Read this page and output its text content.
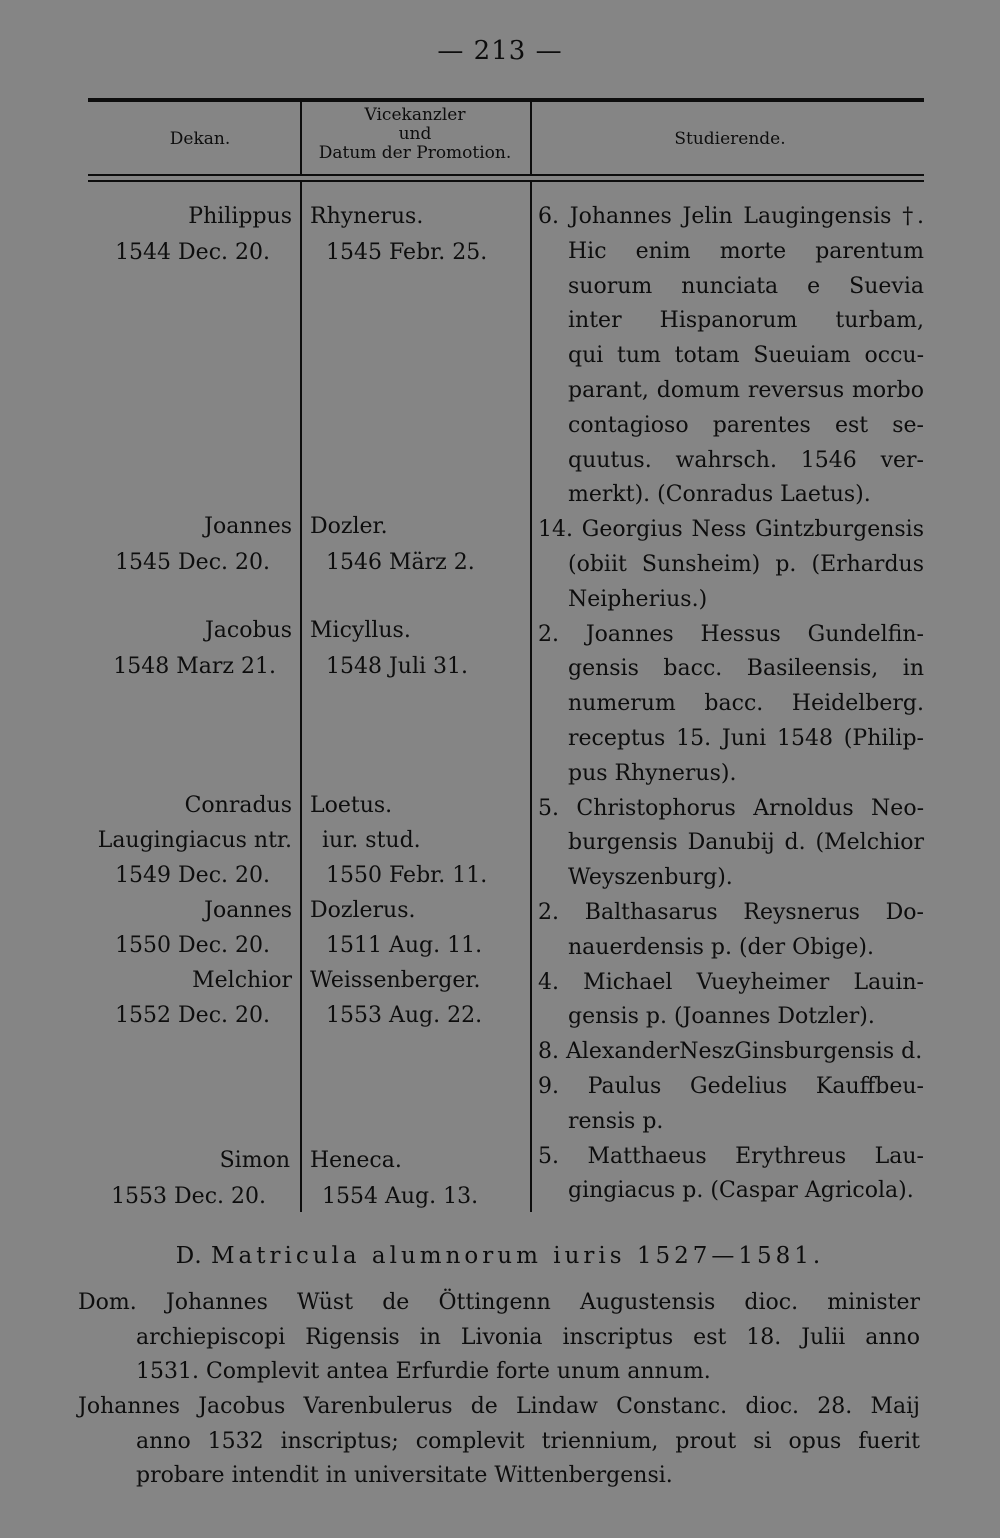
— 213 —
Dekan.
Vicekanzler
und
Datum der Promotion.
Studierende.
Philippus
1544 Dec. 20.
Joannes
1545 Dec. 20.
Jacobus
1548 Marz 21.
Conradus
Laugingiacus ntr.
1549 Dec. 20.
Joannes
1550 Dec. 20.
Melchior
1552 Dec. 20.
Simon
1553 Dec. 20.
Rhynerus.
1545 Febr. 25.
Dozler.
1546 März 2.
Micyllus.
1548 Juli 31.
Loetus.
iur. stud.
1550 Febr. 11.
Dozlerus.
1511 Aug. 11.
Weissenberger.
1553 Aug. 22.
Heneca.
1554 Aug. 13.
6. Johannes Jelin Laugingensis †.
Hic enim morte parentum
suorum nunciata e Suevia
inter Hispanorum turbam,
qui tum totam Sueuiam occu-
parant, domum reversus morbo
contagioso parentes est se-
quutus. wahrsch. 1546 ver-
merkt). (Conradus Laetus).
14. Georgius Ness Gintzburgensis
(obiit Sunsheim) p. (Erhardus
Neipherius.)
2. Joannes Hessus Gundelfin-
gensis bacc. Basileensis, in
numerum bacc. Heidelberg.
receptus 15. Juni 1548 (Philip-
pus Rhynerus).
5. Christophorus Arnoldus Neo-
burgensis Danubij d. (Melchior
Weyszenburg).
2. Balthasarus Reysnerus Do-
nauerdensis p. (der Obige).
4. Michael Vueyheimer Lauin-
gensis p. (Joannes Dotzler).
8. AlexanderNeszGinsburgensis d.
9. Paulus Gedelius Kauffbeu-
rensis p.
5. Matthaeus Erythreus Lau-
gingiacus p. (Caspar Agricola).
D. Matricula alumnorum iuris 1527—1581.
Dom. Johannes Wüst de Öttingenn Augustensis dioc. minister
archiepiscopi Rigensis in Livonia inscriptus est 18. Julii anno
1531. Complevit antea Erfurdie forte unum annum.
Johannes Jacobus Varenbulerus de Lindaw Constanc. dioc. 28. Maij
anno 1532 inscriptus; complevit triennium, prout si opus fuerit
probare intendit in universitate Wittenbergensi.
